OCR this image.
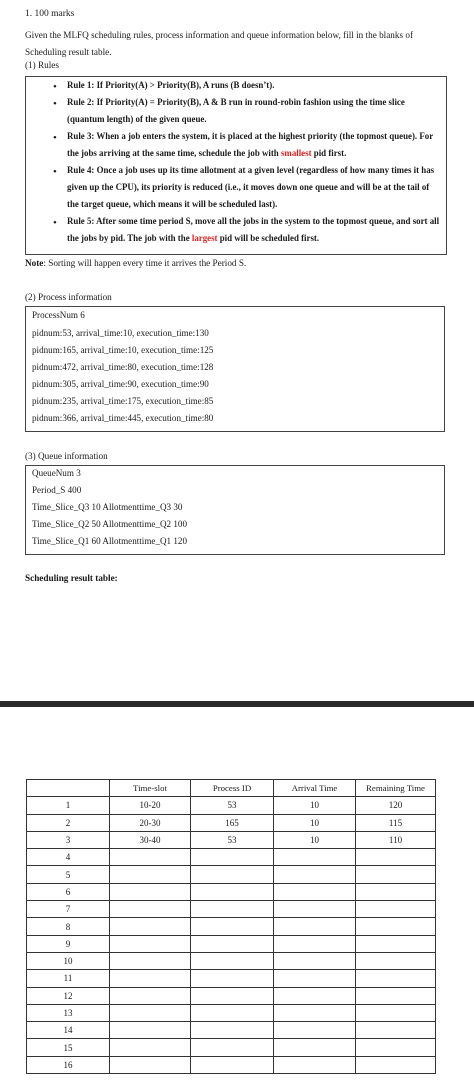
1. 100 marks
Given the MLFQ scheduling rules, process information and queue information below, fill in the blanks of Scheduling result table.
(1) Rules
•	Rule 1: If Priority(A) > Priority(B), A runs (B doesn’t).
•	Rule 2: If Priority(A) = Priority(B), A & B run in round-robin fashion using the time slice (quantum length) of the given queue.
•	Rule 3: When a job enters the system, it is placed at the highest priority (the topmost queue). For the jobs arriving at the same time, schedule the job with smallest pid first.
•	Rule 4: Once a job uses up its time allotment at a given level (regardless of how many times it has given up the CPU), its priority is reduced (i.e., it moves down one queue and will be at the tail of the target queue, which means it will be scheduled last).
•	Rule 5: After some time period S, move all the jobs in the system to the topmost queue, and sort all the jobs by pid. The job with the largest pid will be scheduled first.
Note: Sorting will happen every time it arrives the Period S.
(2) Process information
ProcessNum 6
pidnum:53, arrival_time:10, execution_time:130
pidnum:165, arrival_time:10, execution_time:125
pidnum:472, arrival_time:80, execution_time:128
pidnum:305, arrival_time:90, execution_time:90
pidnum:235, arrival_time:175, execution_time:85
pidnum:366, arrival_time:445, execution_time:80
(3) Queue information
QueueNum 3
Period_S 400
Time_Slice_Q3 10 Allotmenttime_Q3 30
Time_Slice_Q2 50 Allotmenttime_Q2 100
Time_Slice_Q1 60 Allotmenttime_Q1 120
Scheduling result table:
	Time-slot	Process ID	Arrival Time	Remaining Time
1	10-20	53	10	120
2	20-30	165	10	115
3	30-40	53	10	110
4				
5				
6				
7				
8				
9				
10				
11				
12				
13				
14				
15				
16				
